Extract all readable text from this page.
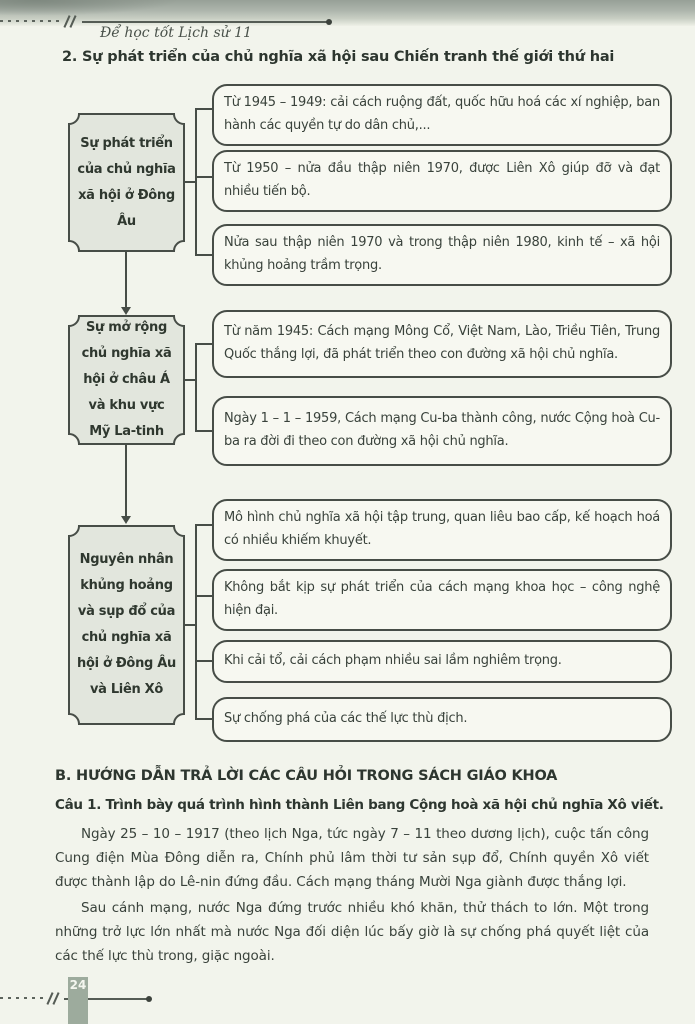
Để học tốt Lịch sử 11
2. Sự phát triển của chủ nghĩa xã hội sau Chiến tranh thế giới thứ hai
Sự phát triển của chủ nghĩa xã hội ở Đông Âu
Từ 1945 – 1949: cải cách ruộng đất, quốc hữu hoá các xí nghiệp, ban hành các quyền tự do dân chủ,...
Từ 1950 – nửa đầu thập niên 1970, được Liên Xô giúp đỡ và đạt nhiều tiến bộ.
Nửa sau thập niên 1970 và trong thập niên 1980, kinh tế – xã hội khủng hoảng trầm trọng.
Sự mở rộng chủ nghĩa xã hội ở châu Á và khu vực Mỹ La-tinh
Từ năm 1945: Cách mạng Mông Cổ, Việt Nam, Lào, Triều Tiên, Trung Quốc thắng lợi, đã phát triển theo con đường xã hội chủ nghĩa.
Ngày 1 – 1 – 1959, Cách mạng Cu-ba thành công, nước Cộng hoà Cu-ba ra đời đi theo con đường xã hội chủ nghĩa.
Nguyên nhân khủng hoảng và sụp đổ của chủ nghĩa xã hội ở Đông Âu và Liên Xô
Mô hình chủ nghĩa xã hội tập trung, quan liêu bao cấp, kế hoạch hoá có nhiều khiếm khuyết.
Không bắt kịp sự phát triển của cách mạng khoa học – công nghệ hiện đại.
Khi cải tổ, cải cách phạm nhiều sai lầm nghiêm trọng.
Sự chống phá của các thế lực thù địch.
B. HƯỚNG DẪN TRẢ LỜI CÁC CÂU HỎI TRONG SÁCH GIÁO KHOA
Câu 1. Trình bày quá trình hình thành Liên bang Cộng hoà xã hội chủ nghĩa Xô viết.
Ngày 25 – 10 – 1917 (theo lịch Nga, tức ngày 7 – 11 theo dương lịch), cuộc tấn công Cung điện Mùa Đông diễn ra, Chính phủ lâm thời tư sản sụp đổ, Chính quyền Xô viết được thành lập do Lê-nin đứng đầu. Cách mạng tháng Mười Nga giành được thắng lợi.
Sau cánh mạng, nước Nga đứng trước nhiều khó khăn, thử thách to lớn. Một trong những trở lực lớn nhất mà nước Nga đối diện lúc bấy giờ là sự chống phá quyết liệt của các thế lực thù trong, giặc ngoài.
24
